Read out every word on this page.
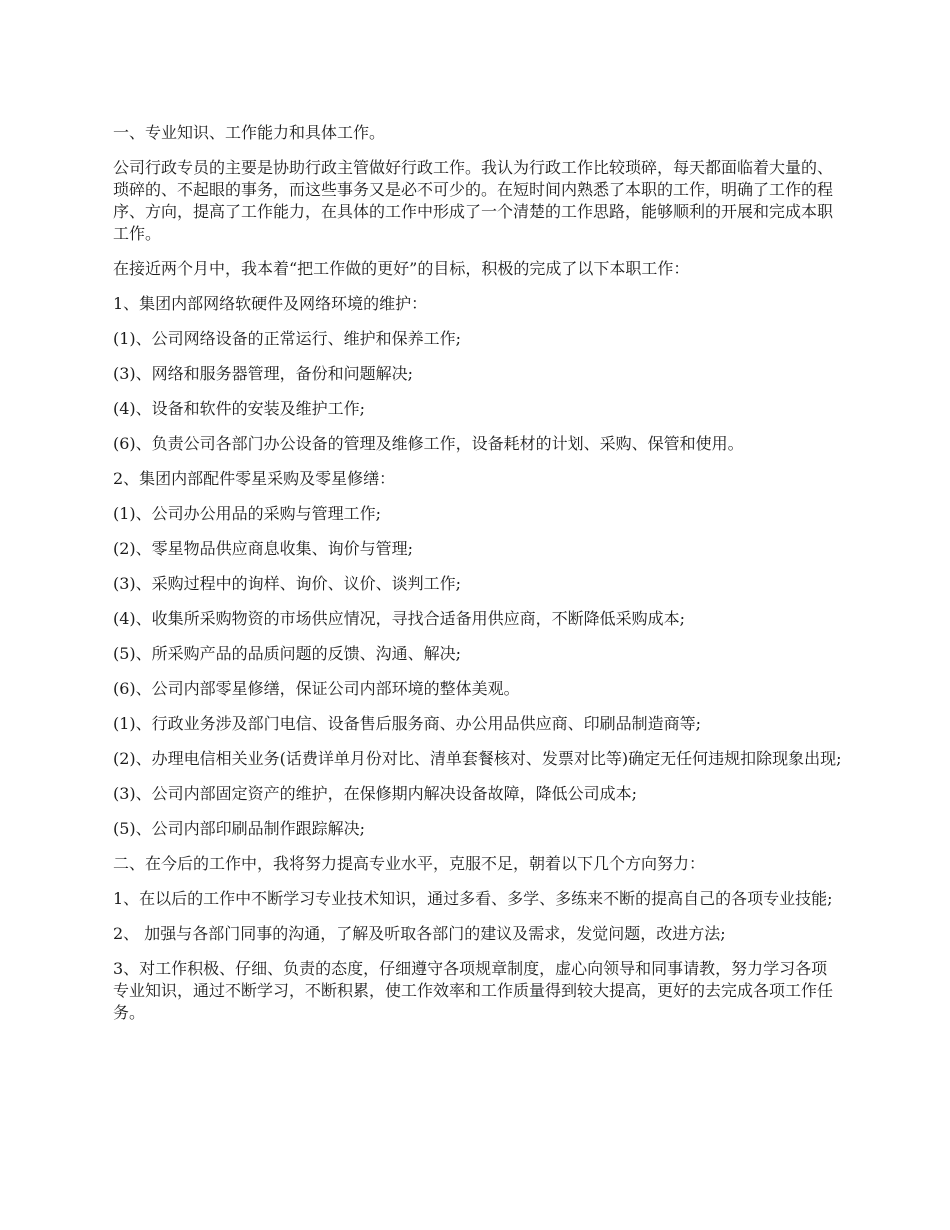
一、专业知识、工作能力和具体工作。

公司行政专员的主要是协助行政主管做好行政工作。我认为行政工作比较琐碎，每天都面临着大量的、琐碎的、不起眼的事务，而这些事务又是必不可少的。在短时间内熟悉了本职的工作，明确了工作的程序、方向，提高了工作能力，在具体的工作中形成了一个清楚的工作思路，能够顺利的开展和完成本职工作。

在接近两个月中，我本着“把工作做的更好”的目标，积极的完成了以下本职工作：

1、集团内部网络软硬件及网络环境的维护：

(1)、公司网络设备的正常运行、维护和保养工作;

(3)、网络和服务器管理，备份和问题解决;

(4)、设备和软件的安装及维护工作;

(6)、负责公司各部门办公设备的管理及维修工作，设备耗材的计划、采购、保管和使用。

2、集团内部配件零星采购及零星修缮：

(1)、公司办公用品的采购与管理工作;

(2)、零星物品供应商息收集、询价与管理;

(3)、采购过程中的询样、询价、议价、谈判工作;

(4)、收集所采购物资的市场供应情况，寻找合适备用供应商，不断降低采购成本;

(5)、所采购产品的品质问题的反馈、沟通、解决;

(6)、公司内部零星修缮，保证公司内部环境的整体美观。

(1)、行政业务涉及部门电信、设备售后服务商、办公用品供应商、印刷品制造商等;

(2)、办理电信相关业务(话费详单月份对比、清单套餐核对、发票对比等)确定无任何违规扣除现象出现;

(3)、公司内部固定资产的维护，在保修期内解决设备故障，降低公司成本;

(5)、公司内部印刷品制作跟踪解决;

二、在今后的工作中，我将努力提高专业水平，克服不足，朝着以下几个方向努力：

1、在以后的工作中不断学习专业技术知识，通过多看、多学、多练来不断的提高自己的各项专业技能;

2、 加强与各部门同事的沟通，了解及听取各部门的建议及需求，发觉问题，改进方法;

3、对工作积极、仔细、负责的态度，仔细遵守各项规章制度，虚心向领导和同事请教，努力学习各项专业知识，通过不断学习，不断积累，使工作效率和工作质量得到较大提高，更好的去完成各项工作任务。
